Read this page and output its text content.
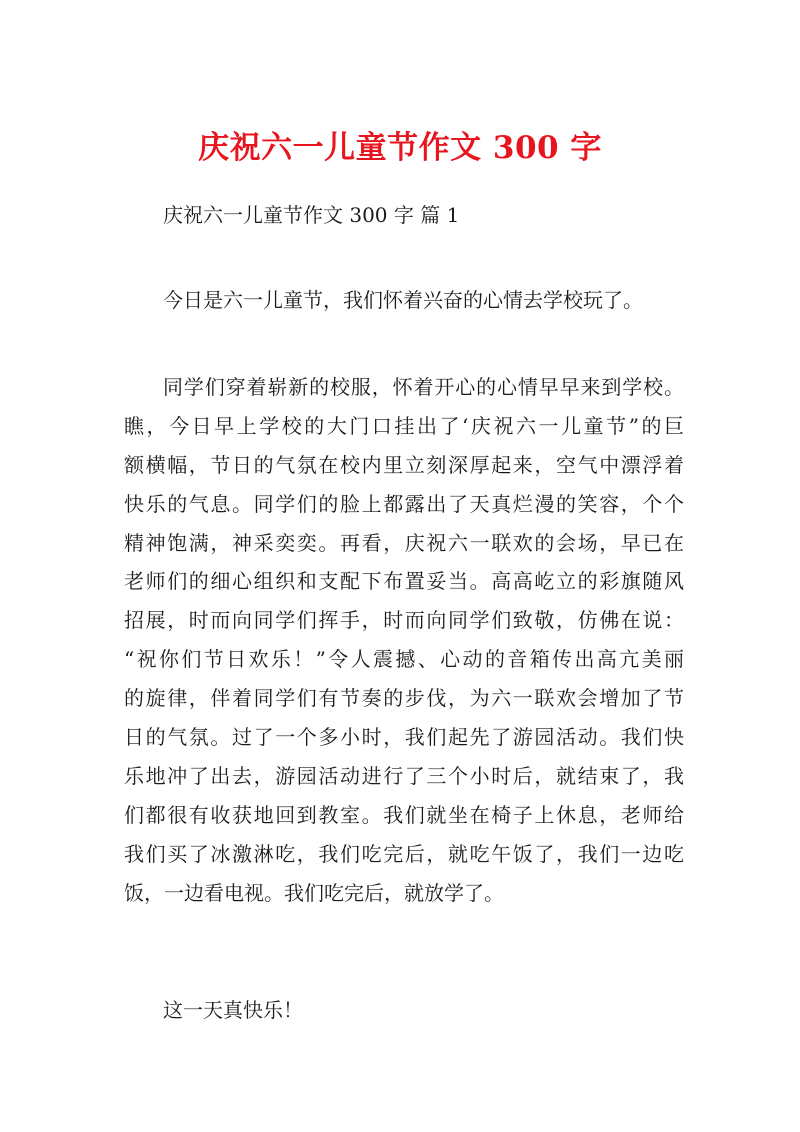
庆祝六一儿童节作文 300 字
庆祝六一儿童节作文 300 字 篇 1
今日是六一儿童节，我们怀着兴奋的心情去学校玩了。
同学们穿着崭新的校服，怀着开心的心情早早来到学校。
瞧，今日早上学校的大门口挂出了‘庆祝六一儿童节”的巨
额横幅，节日的气氛在校内里立刻深厚起来，空气中漂浮着
快乐的气息。同学们的脸上都露出了天真烂漫的笑容，个个
精神饱满，神采奕奕。再看，庆祝六一联欢的会场，早已在
老师们的细心组织和支配下布置妥当。高高屹立的彩旗随风
招展，时而向同学们挥手，时而向同学们致敬，仿佛在说：
“祝你们节日欢乐！”令人震撼、心动的音箱传出高亢美丽
的旋律，伴着同学们有节奏的步伐，为六一联欢会增加了节
日的气氛。过了一个多小时，我们起先了游园活动。我们快
乐地冲了出去，游园活动进行了三个小时后，就结束了，我
们都很有收获地回到教室。我们就坐在椅子上休息，老师给
我们买了冰激淋吃，我们吃完后，就吃午饭了，我们一边吃
饭，一边看电视。我们吃完后，就放学了。
这一天真快乐！
